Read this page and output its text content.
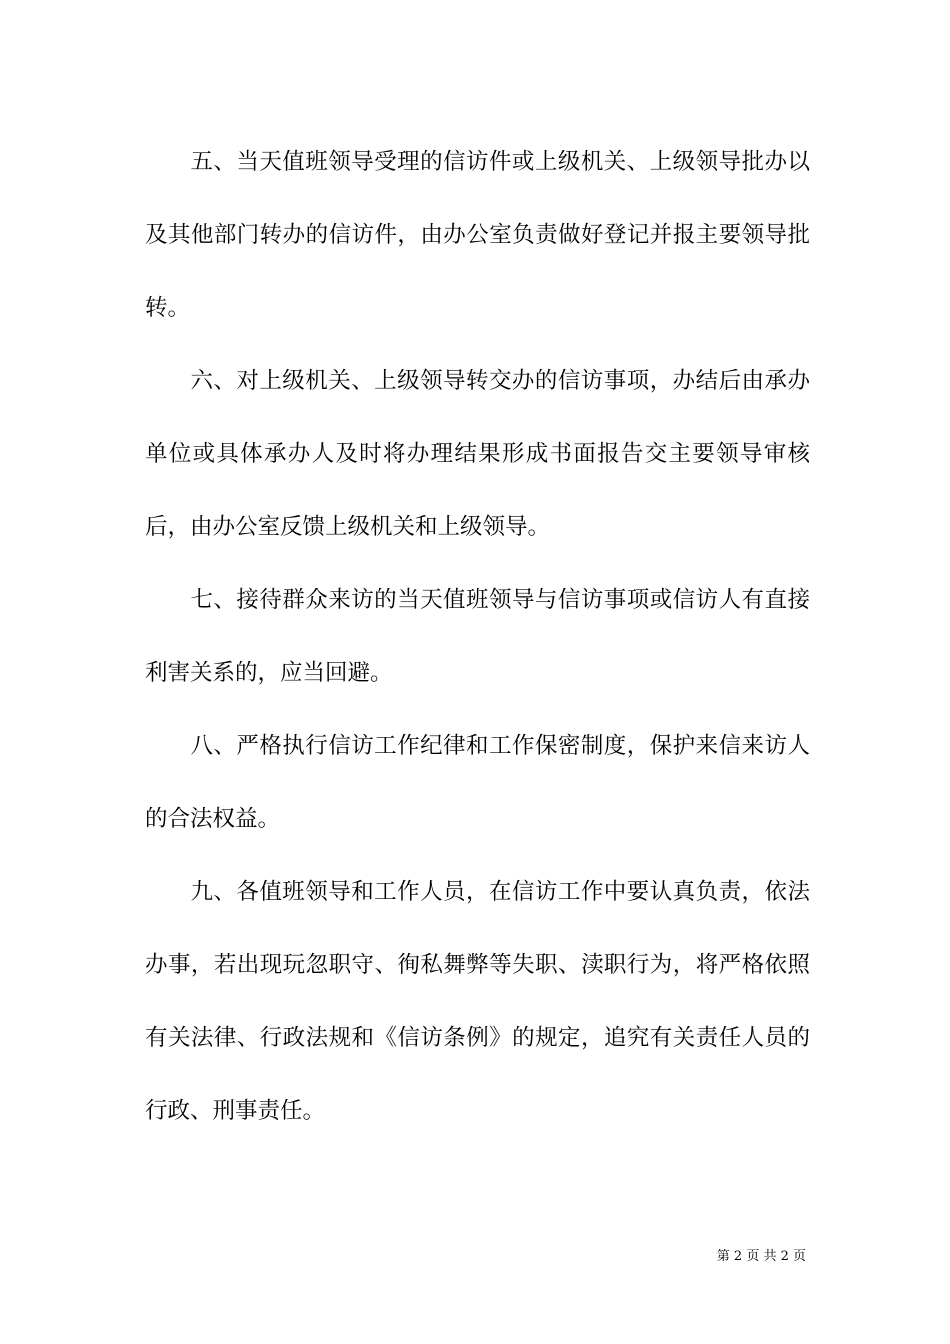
五、当天值班领导受理的信访件或上级机关、上级领导批办以及其他部门转办的信访件，由办公室负责做好登记并报主要领导批转。

六、对上级机关、上级领导转交办的信访事项，办结后由承办单位或具体承办人及时将办理结果形成书面报告交主要领导审核后，由办公室反馈上级机关和上级领导。

七、接待群众来访的当天值班领导与信访事项或信访人有直接利害关系的，应当回避。

八、严格执行信访工作纪律和工作保密制度，保护来信来访人的合法权益。

九、各值班领导和工作人员，在信访工作中要认真负责，依法办事，若出现玩忽职守、徇私舞弊等失职、渎职行为，将严格依照有关法律、行政法规和《信访条例》的规定，追究有关责任人员的行政、刑事责任。

第 2 页 共 2 页
